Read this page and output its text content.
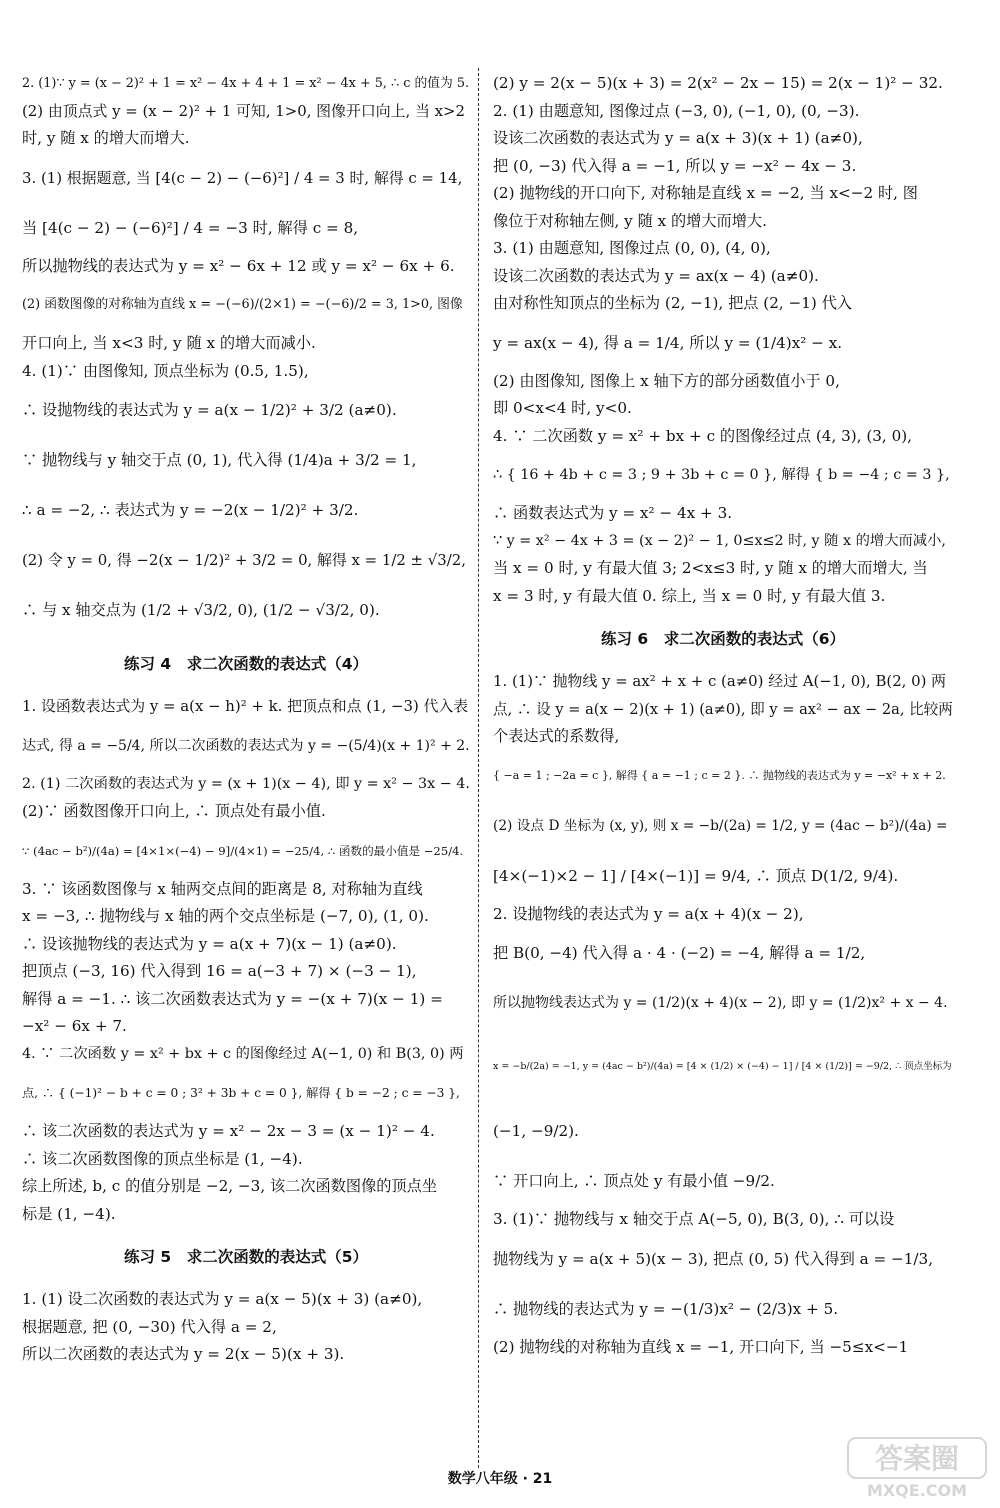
2. (1)∵ y = (x − 2)² + 1 = x² − 4x + 4 + 1 = x² − 4x + 5, ∴ c 的值为 5.
(2) 由顶点式 y = (x − 2)² + 1 可知, 1>0, 图像开口向上, 当 x>2
时, y 随 x 的增大而增大.
3. (1) 根据题意, 当 [4(c − 2) − (−6)²] / 4 = 3 时, 解得 c = 14,
当 [4(c − 2) − (−6)²] / 4 = −3 时, 解得 c = 8,
所以抛物线的表达式为 y = x² − 6x + 12 或 y = x² − 6x + 6.
(2) 函数图像的对称轴为直线 x = −(−6)/(2×1) = −(−6)/2 = 3, 1>0, 图像
开口向上, 当 x<3 时, y 随 x 的增大而减小.
4. (1)∵ 由图像知, 顶点坐标为 (0.5, 1.5),
∴ 设抛物线的表达式为 y = a(x − 1/2)² + 3/2 (a≠0).
∵ 抛物线与 y 轴交于点 (0, 1), 代入得 (1/4)a + 3/2 = 1,
∴ a = −2, ∴ 表达式为 y = −2(x − 1/2)² + 3/2.
(2) 令 y = 0, 得 −2(x − 1/2)² + 3/2 = 0, 解得 x = 1/2 ± √3/2,
∴ 与 x 轴交点为 (1/2 + √3/2, 0), (1/2 − √3/2, 0).
练习 4　求二次函数的表达式（4）
1. 设函数表达式为 y = a(x − h)² + k. 把顶点和点 (1, −3) 代入表
达式, 得 a = −5/4, 所以二次函数的表达式为 y = −(5/4)(x + 1)² + 2.
2. (1) 二次函数的表达式为 y = (x + 1)(x − 4), 即 y = x² − 3x − 4.
(2)∵ 函数图像开口向上, ∴ 顶点处有最小值.
∵ (4ac − b²)/(4a) = [4×1×(−4) − 9]/(4×1) = −25/4, ∴ 函数的最小值是 −25/4.
3. ∵ 该函数图像与 x 轴两交点间的距离是 8, 对称轴为直线
x = −3, ∴ 抛物线与 x 轴的两个交点坐标是 (−7, 0), (1, 0).
∴ 设该抛物线的表达式为 y = a(x + 7)(x − 1) (a≠0).
把顶点 (−3, 16) 代入得到 16 = a(−3 + 7) × (−3 − 1),
解得 a = −1. ∴ 该二次函数表达式为 y = −(x + 7)(x − 1) =
−x² − 6x + 7.
4. ∵ 二次函数 y = x² + bx + c 的图像经过 A(−1, 0) 和 B(3, 0) 两
点, ∴ { (−1)² − b + c = 0 ; 3² + 3b + c = 0 }, 解得 { b = −2 ; c = −3 },
∴ 该二次函数的表达式为 y = x² − 2x − 3 = (x − 1)² − 4.
∴ 该二次函数图像的顶点坐标是 (1, −4).
综上所述, b, c 的值分别是 −2, −3, 该二次函数图像的顶点坐
标是 (1, −4).
练习 5　求二次函数的表达式（5）
1. (1) 设二次函数的表达式为 y = a(x − 5)(x + 3) (a≠0),
根据题意, 把 (0, −30) 代入得 a = 2,
所以二次函数的表达式为 y = 2(x − 5)(x + 3).
(2) y = 2(x − 5)(x + 3) = 2(x² − 2x − 15) = 2(x − 1)² − 32.
2. (1) 由题意知, 图像过点 (−3, 0), (−1, 0), (0, −3).
设该二次函数的表达式为 y = a(x + 3)(x + 1) (a≠0),
把 (0, −3) 代入得 a = −1, 所以 y = −x² − 4x − 3.
(2) 抛物线的开口向下, 对称轴是直线 x = −2, 当 x<−2 时, 图
像位于对称轴左侧, y 随 x 的增大而增大.
3. (1) 由题意知, 图像过点 (0, 0), (4, 0),
设该二次函数的表达式为 y = ax(x − 4) (a≠0).
由对称性知顶点的坐标为 (2, −1), 把点 (2, −1) 代入
y = ax(x − 4), 得 a = 1/4, 所以 y = (1/4)x² − x.
(2) 由图像知, 图像上 x 轴下方的部分函数值小于 0,
即 0<x<4 时, y<0.
4. ∵ 二次函数 y = x² + bx + c 的图像经过点 (4, 3), (3, 0),
∴ { 16 + 4b + c = 3 ; 9 + 3b + c = 0 }, 解得 { b = −4 ; c = 3 },
∴ 函数表达式为 y = x² − 4x + 3.
∵ y = x² − 4x + 3 = (x − 2)² − 1, 0≤x≤2 时, y 随 x 的增大而减小,
当 x = 0 时, y 有最大值 3; 2<x≤3 时, y 随 x 的增大而增大, 当
x = 3 时, y 有最大值 0. 综上, 当 x = 0 时, y 有最大值 3.
练习 6　求二次函数的表达式（6）
1. (1)∵ 抛物线 y = ax² + x + c (a≠0) 经过 A(−1, 0), B(2, 0) 两
点, ∴ 设 y = a(x − 2)(x + 1) (a≠0), 即 y = ax² − ax − 2a, 比较两
个表达式的系数得,
{ −a = 1 ; −2a = c }, 解得 { a = −1 ; c = 2 }. ∴ 抛物线的表达式为 y = −x² + x + 2.
(2) 设点 D 坐标为 (x, y), 则 x = −b/(2a) = 1/2, y = (4ac − b²)/(4a) =
[4×(−1)×2 − 1] / [4×(−1)] = 9/4, ∴ 顶点 D(1/2, 9/4).
2. 设抛物线的表达式为 y = a(x + 4)(x − 2),
把 B(0, −4) 代入得 a · 4 · (−2) = −4, 解得 a = 1/2,
所以抛物线表达式为 y = (1/2)(x + 4)(x − 2), 即 y = (1/2)x² + x − 4.
x = −b/(2a) = −1, y = (4ac − b²)/(4a) = [4 × (1/2) × (−4) − 1] / [4 × (1/2)] = −9/2, ∴ 顶点坐标为
(−1, −9/2).
∵ 开口向上, ∴ 顶点处 y 有最小值 −9/2.
3. (1)∵ 抛物线与 x 轴交于点 A(−5, 0), B(3, 0), ∴ 可以设
抛物线为 y = a(x + 5)(x − 3), 把点 (0, 5) 代入得到 a = −1/3,
∴ 抛物线的表达式为 y = −(1/3)x² − (2/3)x + 5.
(2) 抛物线的对称轴为直线 x = −1, 开口向下, 当 −5≤x<−1
数学八年级 · 21
答案圈
MXQE.COM
